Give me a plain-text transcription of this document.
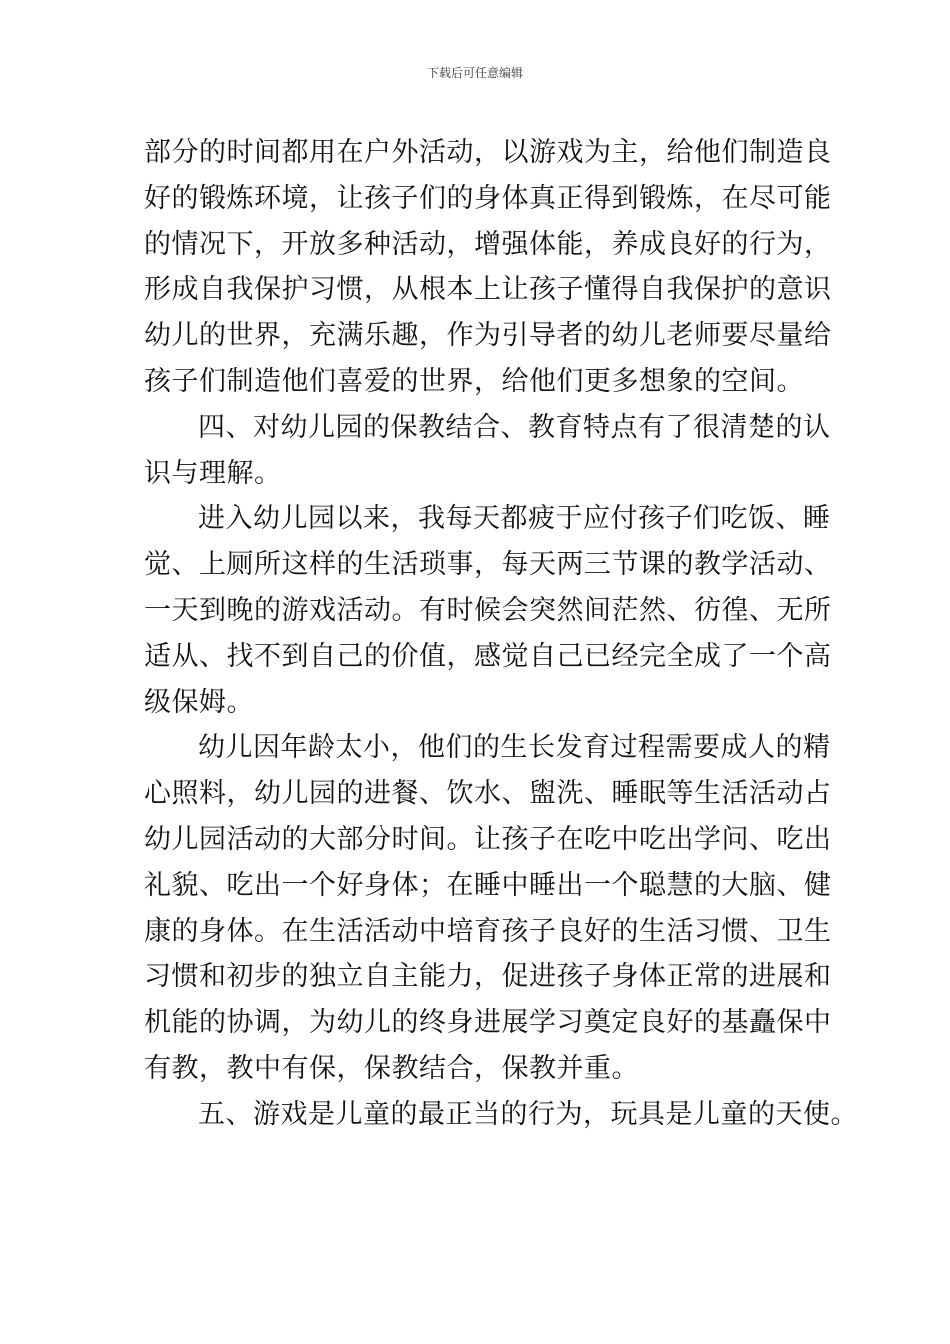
下载后可任意编辑
部分的时间都用在户外活动，以游戏为主，给他们制造良
好的锻炼环境，让孩子们的身体真正得到锻炼，在尽可能
的情况下，开放多种活动，增强体能，养成良好的行为，
形成自我保护习惯，从根本上让孩子懂得自我保护的意识
幼儿的世界，充满乐趣，作为引导者的幼儿老师要尽量给
孩子们制造他们喜爱的世界，给他们更多想象的空间。
四、对幼儿园的保教结合、教育特点有了很清楚的认
识与理解。
进入幼儿园以来，我每天都疲于应付孩子们吃饭、睡
觉、上厕所这样的生活琐事，每天两三节课的教学活动、
一天到晚的游戏活动。有时候会突然间茫然、彷徨、无所
适从、找不到自己的价值，感觉自己已经完全成了一个高
级保姆。
幼儿因年龄太小，他们的生长发育过程需要成人的精
心照料，幼儿园的进餐、饮水、盥洗、睡眠等生活活动占
幼儿园活动的大部分时间。让孩子在吃中吃出学问、吃出
礼貌、吃出一个好身体；在睡中睡出一个聪慧的大脑、健
康的身体。在生活活动中培育孩子良好的生活习惯、卫生
习惯和初步的独立自主能力，促进孩子身体正常的进展和
机能的协调，为幼儿的终身进展学习奠定良好的基矗保中
有教，教中有保，保教结合，保教并重。
五、游戏是儿童的最正当的行为，玩具是儿童的天使。
